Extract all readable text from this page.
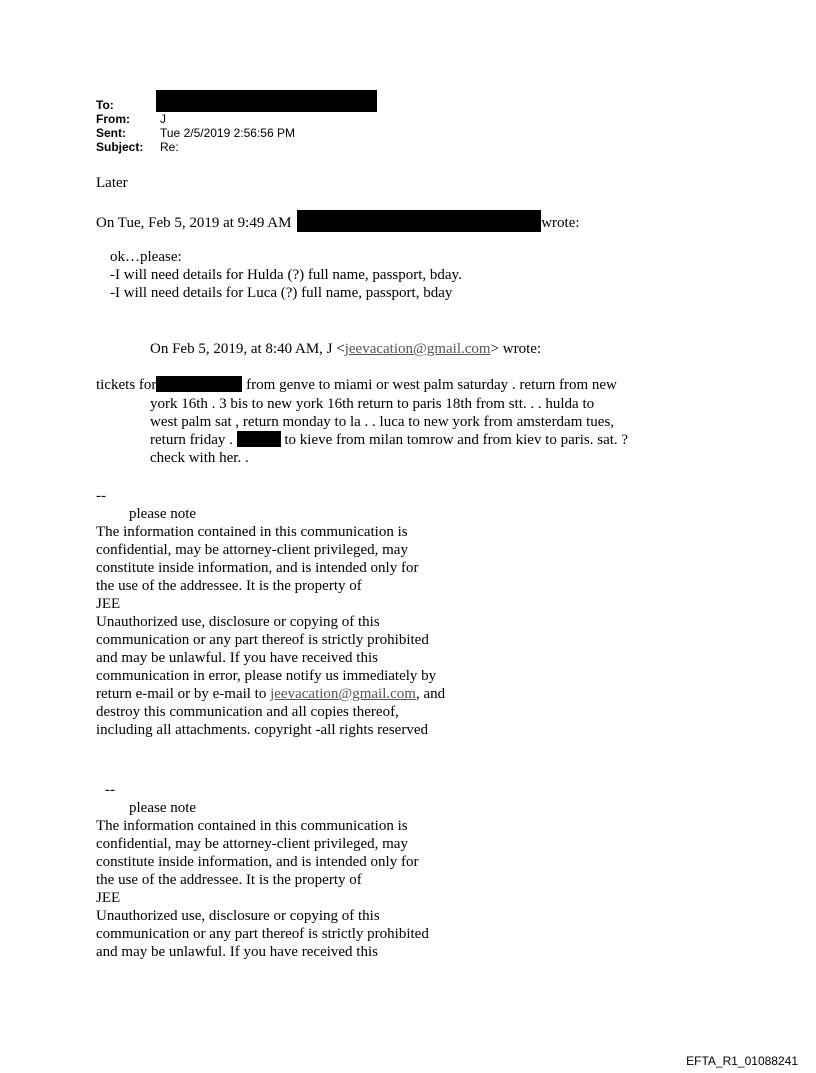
To:
From:	J
Sent:	Tue 2/5/2019 2:56:56 PM
Subject: Re:
Later
On Tue, Feb 5, 2019 at 9:49 AM	wrote:
ok…please:
-I will need details for Hulda (?) full name, passport, bday.
-I will need details for Luca (?) full name, passport, bday
On Feb 5, 2019, at 8:40 AM, J <jeevacation@gmail.com> wrote:
tickets for	from genve to miami or west palm saturday . return from new
york 16th . 3 bis to new york 16th return to paris 18th from stt. . . hulda to
west palm sat , return monday to la . . luca to new york from amsterdam tues,
return friday .	to kieve from milan tomrow and from kiev to paris. sat. ?
check with her. .
--
please note
The information contained in this communication is
confidential, may be attorney-client privileged, may
constitute inside information, and is intended only for
the use of the addressee. It is the property of
JEE
Unauthorized use, disclosure or copying of this
communication or any part thereof is strictly prohibited
and may be unlawful. If you have received this
communication in error, please notify us immediately by
return e-mail or by e-mail to jeevacation@gmail.com, and
destroy this communication and all copies thereof,
including all attachments. copyright -all rights reserved
--
please note
The information contained in this communication is
confidential, may be attorney-client privileged, may
constitute inside information, and is intended only for
the use of the addressee. It is the property of
JEE
Unauthorized use, disclosure or copying of this
communication or any part thereof is strictly prohibited
and may be unlawful. If you have received this
EFTA_R1_01088241
